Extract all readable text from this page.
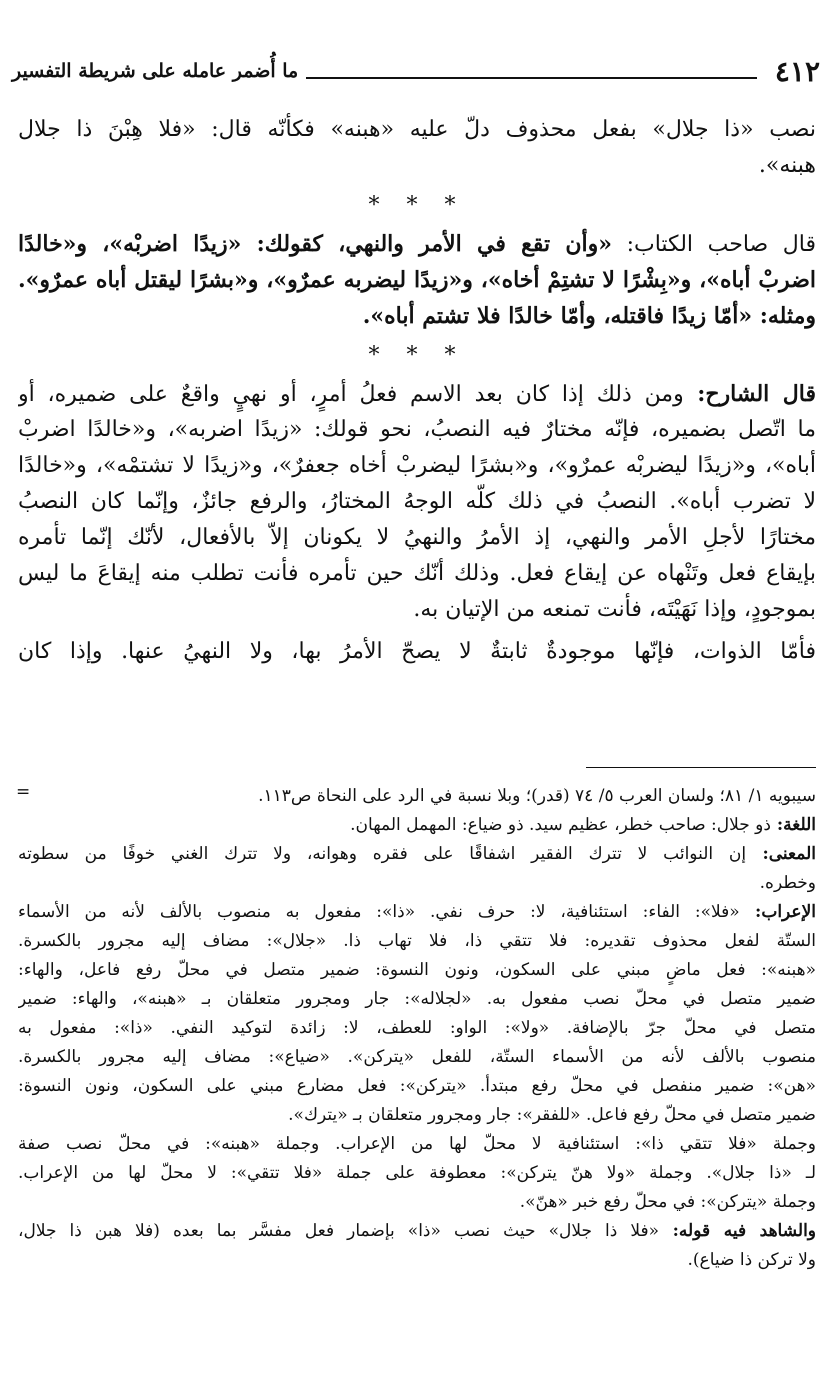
٤١٢
ما أُضمر عامله على شريطة التفسير
نصب «ذا جلال» بفعل محذوف دلّ عليه «هبنه» فكأنّه قال: «فلا هِبْنَ ذا جلال
هبنه».
* * *
قال صاحب الكتاب: «وأن تقع في الأمر والنهي، كقولك: «زيدًا اضربْه»، و«خالدًا
اضربْ أباه»، و«بِشْرًا لا تشتِمْ أخاه»، و«زيدًا ليضربه عمرٌو»، و«بشرًا ليقتل أباه عمرٌو».
ومثله: «أمّا زيدًا فاقتله، وأمّا خالدًا فلا تشتم أباه».
* * *
قال الشارح: ومن ذلك إذا كان بعد الاسم فعلُ أمرٍ، أو نهيٍ واقعٌ على ضميره، أو
ما اتّصل بضميره، فإنّه مختارٌ فيه النصبُ، نحو قولك: «زيدًا اضربه»، و«خالدًا اضربْ
أباه»، و«زيدًا ليضربْه عمرٌو»، و«بشرًا ليضربْ أخاه جعفرٌ»، و«زيدًا لا تشتمْه»، و«خالدًا
لا تضرب أباه». النصبُ في ذلك كلّه الوجهُ المختارُ، والرفع جائزٌ، وإنّما كان النصبُ
مختارًا لأجلِ الأمر والنهي، إذ الأمرُ والنهيُ لا يكونان إلاّ بالأفعال، لأنّك إنّما تأمره
بإيقاع فعل وتَنْهاه عن إيقاع فعل. وذلك أنّك حين تأمره فأنت تطلب منه إيقاعَ ما ليس
بموجودٍ، وإذا نَهَيْتَه، فأنت تمنعه من الإتيان به.
فأمّا الذوات، فإنّها موجودةٌ ثابتةٌ لا يصحّ الأمرُ بها، ولا النهيُ عنها. وإذا كان
=	سيبويه ١/ ٨١؛ ولسان العرب ٥/ ٧٤ (قدر)؛ وبلا نسبة في الرد على النحاة ص١١٣.
اللغة: ذو جلال: صاحب خطر، عظيم سيد. ذو ضياع: المهمل المهان.
المعنى: إن النوائب لا تترك الفقير اشفاقًا على فقره وهوانه، ولا تترك الغني خوفًا من سطوته
وخطره.
الإعراب: «فلا»: الفاء: استئنافية، لا: حرف نفي. «ذا»: مفعول به منصوب بالألف لأنه من الأسماء
الستّة لفعل محذوف تقديره: فلا تتقي ذا، فلا تهاب ذا. «جلال»: مضاف إليه مجرور بالكسرة.
«هبنه»: فعل ماضٍ مبني على السكون، ونون النسوة: ضمير متصل في محلّ رفع فاعل، والهاء:
ضمير متصل في محلّ نصب مفعول به. «لجلاله»: جار ومجرور متعلقان بـ «هبنه»، والهاء: ضمير
متصل في محلّ جرّ بالإضافة. «ولا»: الواو: للعطف، لا: زائدة لتوكيد النفي. «ذا»: مفعول به
منصوب بالألف لأنه من الأسماء الستّة، للفعل «يتركن». «ضياع»: مضاف إليه مجرور بالكسرة.
«هن»: ضمير منفصل في محلّ رفع مبتدأ. «يتركن»: فعل مضارع مبني على السكون، ونون النسوة:
ضمير متصل في محلّ رفع فاعل. «للفقر»: جار ومجرور متعلقان بـ «يترك».
وجملة «فلا تتقي ذا»: استئنافية لا محلّ لها من الإعراب. وجملة «هبنه»: في محلّ نصب صفة
لـ «ذا جلال». وجملة «ولا هنّ يتركن»: معطوفة على جملة «فلا تتقي»: لا محلّ لها من الإعراب.
وجملة «يتركن»: في محلّ رفع خبر «هنّ».
والشاهد فيه قوله: «فلا ذا جلال» حيث نصب «ذا» بإضمار فعل مفسَّر بما بعده (فلا هبن ذا جلال،
ولا تركن ذا ضياع).
